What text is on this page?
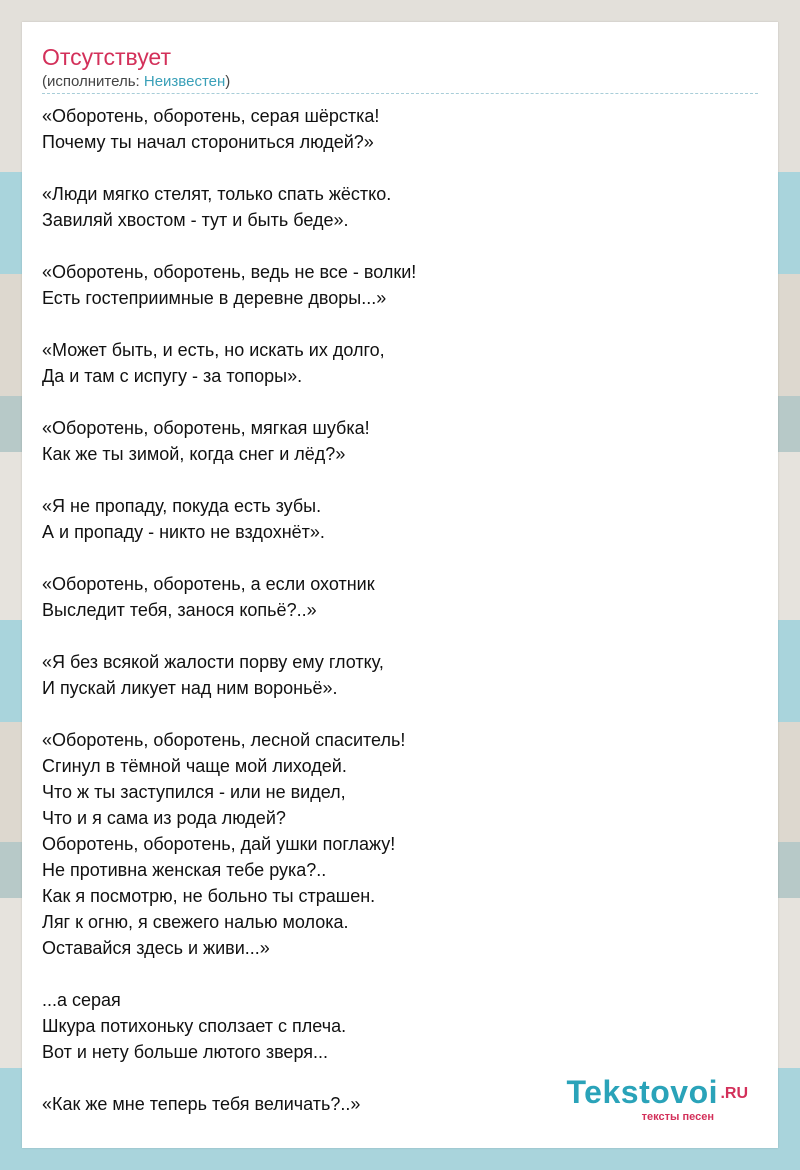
Отсутствует
(исполнитель: Неизвестен)
«Оборотень, оборотень, серая шёрстка!
Почему ты начал сторониться людей?»
«Люди мягко стелят, только спать жёстко.
Завиляй хвостом - тут и быть беде».
«Оборотень, оборотень, ведь не все - волки!
Есть гостеприимные в деревне дворы...»
«Может быть, и есть, но искать их долго,
Да и там с испугу - за топоры».
«Оборотень, оборотень, мягкая шубка!
Как же ты зимой, когда снег и лёд?»
«Я не пропаду, покуда есть зубы.
А и пропаду - никто не вздохнёт».
«Оборотень, оборотень, а если охотник
Выследит тебя, занося копьё?..»
«Я без всякой жалости порву ему глотку,
И пускай ликует над ним вороньё».
«Оборотень, оборотень, лесной спаситель!
Сгинул в тёмной чаще мой лиходей.
Что ж ты заступился - или не видел,
Что и я сама из рода людей?
Оборотень, оборотень, дай ушки поглажу!
Не противна женская тебе рука?..
Как я посмотрю, не больно ты страшен.
Ляг к огню, я свежего налью молока.
Оставайся здесь и живи...»
...а серая
Шкура потихоньку сползает с плеча.
Вот и нету больше лютого зверя...
«Как же мне теперь тебя величать?..»	Tekstovoi .RU
тексты песен
